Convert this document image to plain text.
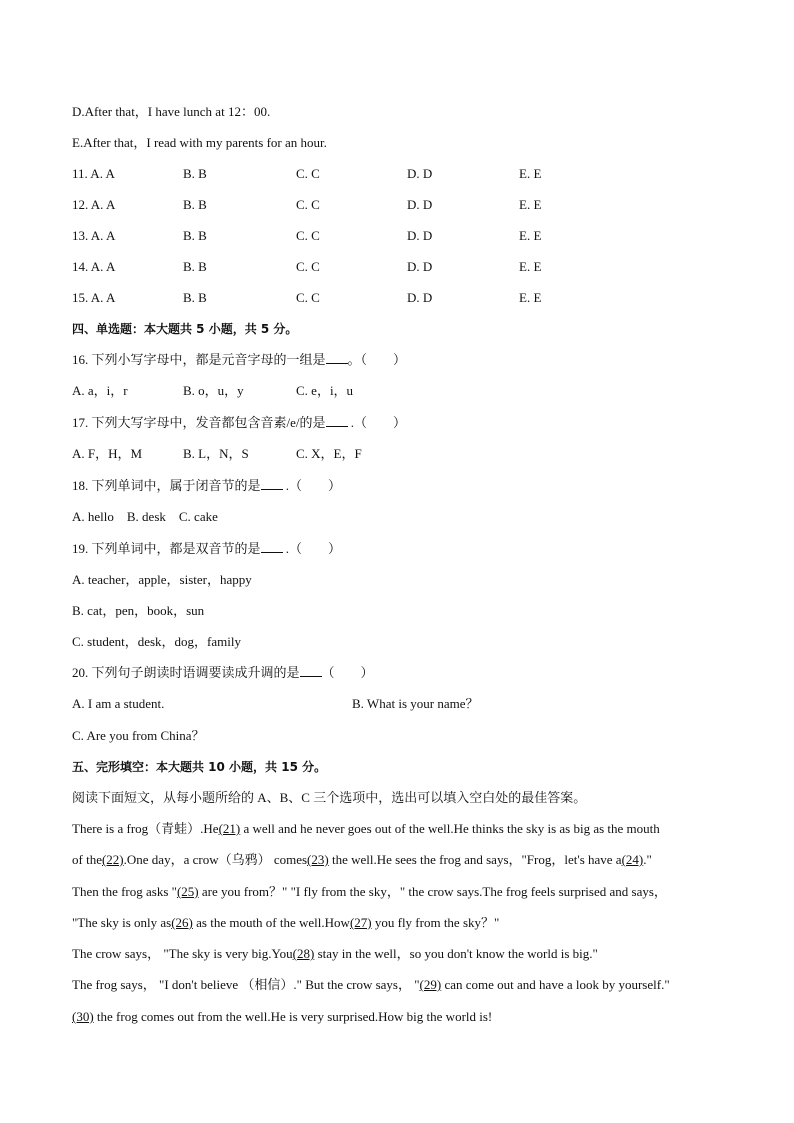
D.After that，I have lunch at 12：00.
E.After that，I read with my parents for an hour.
11. A. A	B. B	C. C	D. D	E. E
12. A. A	B. B	C. C	D. D	E. E
13. A. A	B. B	C. C	D. D	E. E
14. A. A	B. B	C. C	D. D	E. E
15. A. A	B. B	C. C	D. D	E. E
四、单选题：本大题共 5 小题，共 5 分。
16. 下列小写字母中，都是元音字母的一组是 。（　　）
A. a，i，r	B. o，u，y	C. e，i，u
17. 下列大写字母中，发音都包含音素/e/的是 .（　　）
A. F，H，M	B. L，N，S	C. X，E，F
18. 下列单词中，属于闭音节的是 .（　　）
A. hello　B. desk　C. cake
19. 下列单词中，都是双音节的是 .（　　）
A. teacher，apple，sister，happy
B. cat，pen，book，sun
C. student，desk，dog，family
20. 下列句子朗读时语调要读成升调的是 （　　）
A. I am a student.	B. What is your name？
C. Are you from China？
五、完形填空：本大题共 10 小题，共 15 分。
阅读下面短文，从每小题所给的 A、B、C 三个选项中，选出可以填入空白处的最佳答案。
There is a frog（青蛙）.He(21) a well and he never goes out of the well.He thinks the sky is as big as the mouth
of the(22).One day，a crow（乌鸦） comes(23) the well.He sees the frog and says，"Frog，let's have a(24)."
Then the frog asks "(25) are you from？" "I fly from the sky，" the crow says.The frog feels surprised and says，
"The sky is only as(26) as the mouth of the well.How(27) you fly from the sky？"
The crow says， "The sky is very big.You(28) stay in the well，so you don't know the world is big."
The frog says， "I don't believe （相信）." But the crow says， "(29) can come out and have a look by yourself."
(30) the frog comes out from the well.He is very surprised.How big the world is!
